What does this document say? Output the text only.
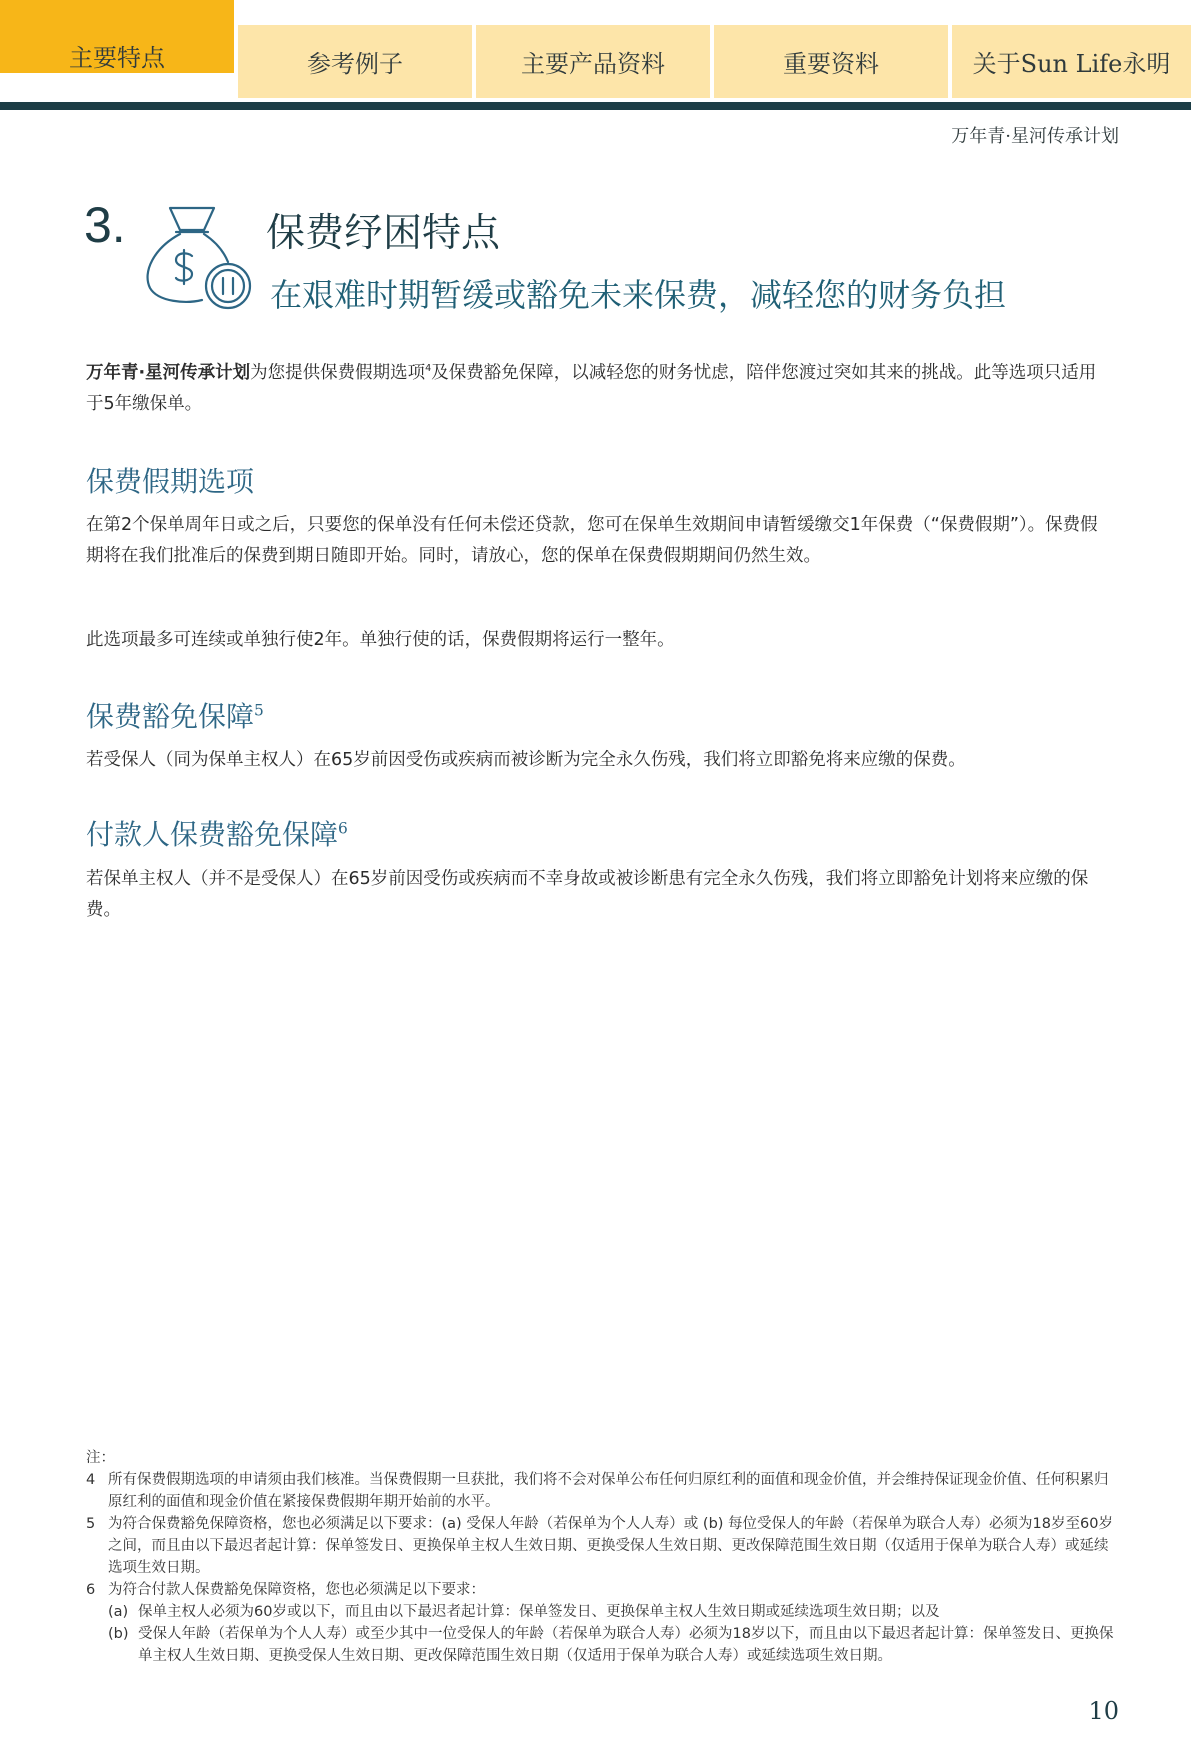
主要特点	参考例子	主要产品资料	重要资料	关于Sun Life永明
万年青·星河传承计划
3.	保费纾困特点
在艰难时期暂缓或豁免未来保费，减轻您的财务负担
万年青·星河传承计划为您提供保费假期选项$^4$及保费豁免保障，以减轻您的财务忧虑，陪伴您渡过突如其来的挑战。此等选项只适用于5年缴保单。
保费假期选项
在第2个保单周年日或之后，只要您的保单没有任何未偿还贷款，您可在保单生效期间申请暂缓缴交1年保费（“保费假期”）。保费假期将在我们批准后的保费到期日随即开始。同时，请放心，您的保单在保费假期期间仍然生效。
此选项最多可连续或单独行使2年。单独行使的话，保费假期将运行一整年。
保费豁免保障$^5$
若受保人（同为保单主权人）在65岁前因受伤或疾病而被诊断为完全永久伤残，我们将立即豁免将来应缴的保费。
付款人保费豁免保障$^6$
若保单主权人（并不是受保人）在65岁前因受伤或疾病而不幸身故或被诊断患有完全永久伤残，我们将立即豁免计划将来应缴的保费。
注：
4 所有保费假期选项的申请须由我们核准。当保费假期一旦获批，我们将不会对保单公布任何归原红利的面值和现金价值，并会维持保证现金价值、任何积累归原红利的面值和现金价值在紧接保费假期年期开始前的水平。
5 为符合保费豁免保障资格，您也必须满足以下要求：(a) 受保人年龄（若保单为个人人寿）或 (b) 每位受保人的年龄（若保单为联合人寿）必须为18岁至60岁之间，而且由以下最迟者起计算：保单签发日、更换保单主权人生效日期、更换受保人生效日期、更改保障范围生效日期（仅适用于保单为联合人寿）或延续选项生效日期。
6 为符合付款人保费豁免保障资格，您也必须满足以下要求：
(a) 保单主权人必须为60岁或以下，而且由以下最迟者起计算：保单签发日、更换保单主权人生效日期或延续选项生效日期；以及
(b) 受保人年龄（若保单为个人人寿）或至少其中一位受保人的年龄（若保单为联合人寿）必须为18岁以下，而且由以下最迟者起计算：保单签发日、更换保单主权人生效日期、更换受保人生效日期、更改保障范围生效日期（仅适用于保单为联合人寿）或延续选项生效日期。
10
